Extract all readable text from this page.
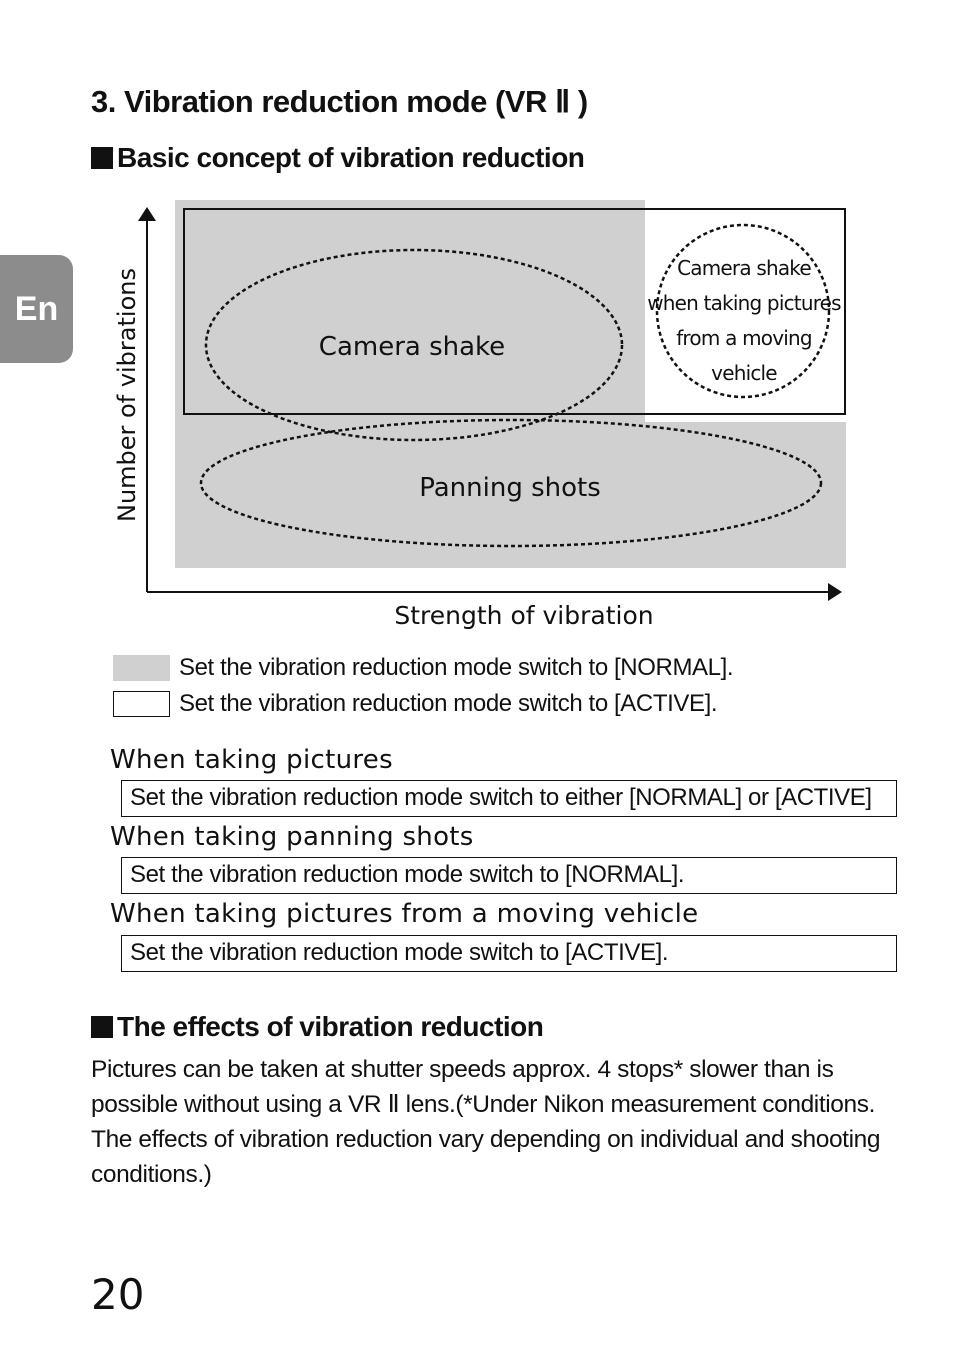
En
3. Vibration reduction mode (VR Ⅱ )
Basic concept of vibration reduction
Camera shake
Panning shots
Camera shake
when taking pictures
from a moving
vehicle
Number of vibrations
Strength of vibration
Set the vibration reduction mode switch to [NORMAL].
Set the vibration reduction mode switch to [ACTIVE].
When taking pictures
Set the vibration reduction mode switch to either [NORMAL] or [ACTIVE]
When taking panning shots
Set the vibration reduction mode switch to [NORMAL].
When taking pictures from a moving vehicle
Set the vibration reduction mode switch to [ACTIVE].
The effects of vibration reduction
Pictures can be taken at shutter speeds approx. 4 stops* slower than is possible without using a VR Ⅱ lens.(*Under Nikon measurement conditions. The effects of vibration reduction vary depending on individual and shooting conditions.)
20
